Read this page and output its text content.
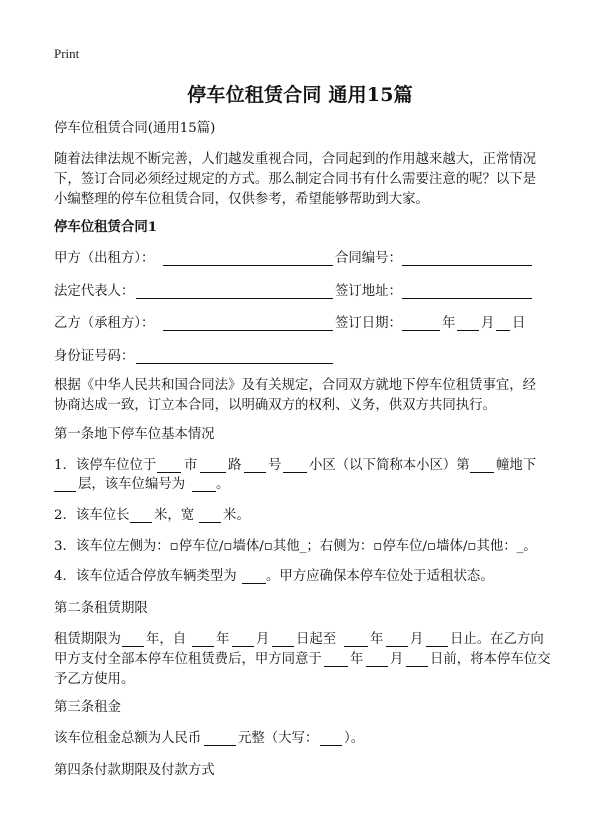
Print
停车位租赁合同 通用15篇
停车位租赁合同(通用15篇)
随着法律法规不断完善，人们越发重视合同，合同起到的作用越来越大，正常情况
下，签订合同必须经过规定的方式。那么制定合同书有什么需要注意的呢？以下是
小编整理的停车位租赁合同，仅供参考，希望能够帮助到大家。
停车位租赁合同1
甲方（出租方）：	合同编号：
法定代表人：	签订地址：
乙方（承租方）：	签订日期：	年 月 日
身份证号码：
根据《中华人民共和国合同法》及有关规定，合同双方就地下停车位租赁事宜，经
协商达成一致，订立本合同，以明确双方的权利、义务，供双方共同执行。
第一条地下停车位基本情况
1．该停车位位于 市 路 号 小区（以下简称本小区）第 幢地下
层，该车位编号为 。
2．该车位长 米，宽 米。
3．该车位左侧为：▫停车位/▫墙体/▫其他_；右侧为：▫停车位/▫墙体/▫其他：_。
4．该车位适合停放车辆类型为 。甲方应确保本停车位处于适租状态。
第二条租赁期限
租赁期限为 年，自 年 月 日起至	年 月 日止。在乙方向
甲方支付全部本停车位租赁费后，甲方同意于 年 月 日前，将本停车位交
予乙方使用。
第三条租金
该车位租金总额为人民币	元整（大写： ）。
第四条付款期限及付款方式
